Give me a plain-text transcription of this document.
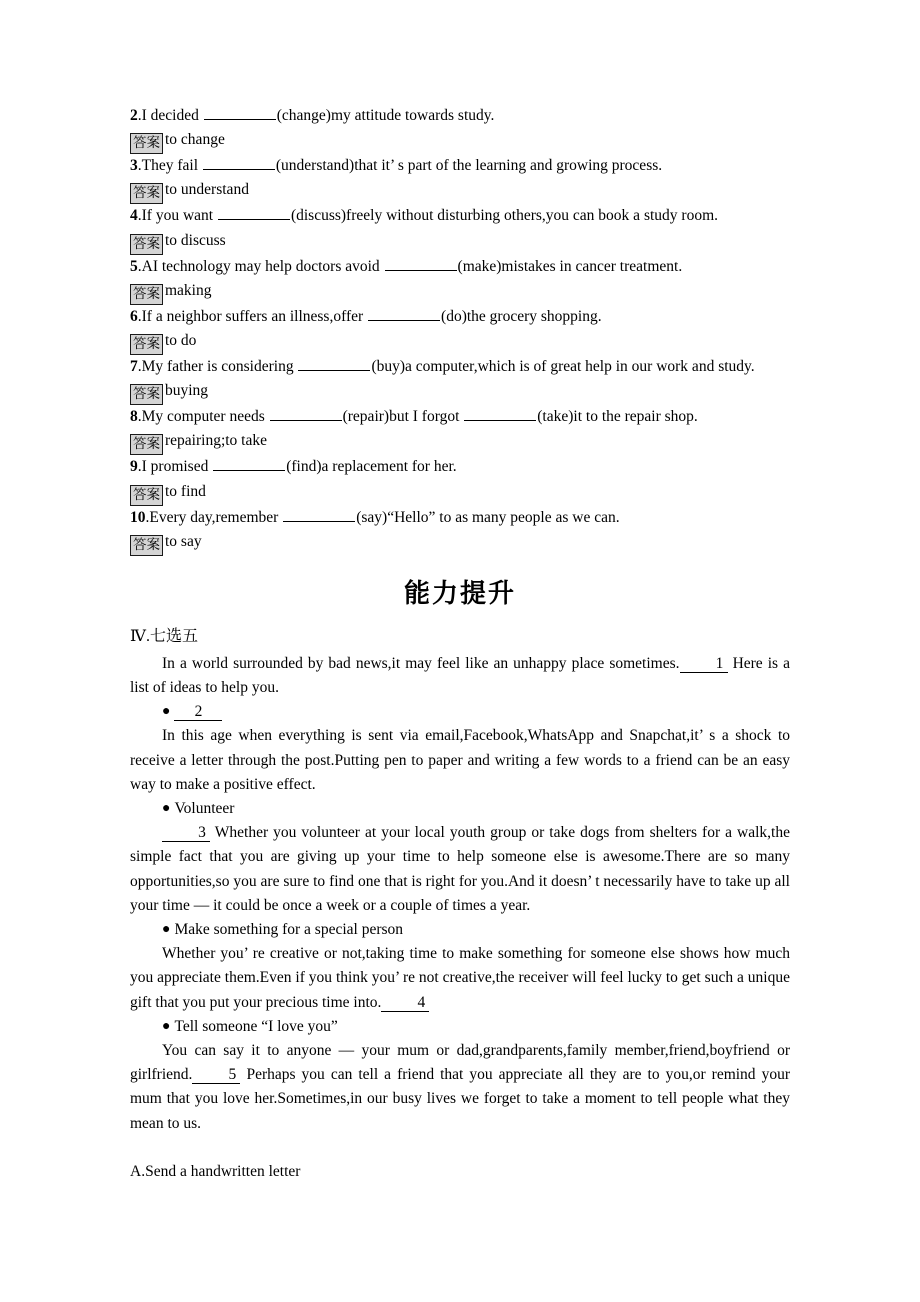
2.I decided	(change)my attitude towards study.

答案 to change

3.They fail	(understand)that it’ s part of the learning and growing process.

答案 to understand

4.If you want	(discuss)freely without disturbing others,you can book a study room.

答案 to discuss

5.AI technology may help doctors avoid	(make)mistakes in cancer treatment.

答案 making

6.If a neighbor suffers an illness,offer	(do)the grocery shopping.

答案 to do

7.My father is considering	(buy)a computer,which is of great help in our work and study.

答案 buying

8.My computer needs	(repair)but I forgot	(take)it to the repair shop.

答案 repairing;to take

9.I promised	(find)a replacement for her.

答案 to find

10.Every day,remember	(say)“Hello” to as many people as we can.

答案 to say

能力提升
Ⅳ.七选五

In a world surrounded by bad news,it may feel like an unhappy place sometimes. 1 Here is a list of ideas to help you.

● 2

In this age when everything is sent via email,Facebook,WhatsApp and Snapchat,it’ s a shock to receive a letter through the post.Putting pen to paper and writing a few words to a friend can be an easy way to make a positive effect.

● Volunteer

3 Whether you volunteer at your local youth group or take dogs from shelters for a walk,the simple fact that you are giving up your time to help someone else is awesome.There are so many opportunities,so you are sure to find one that is right for you.And it doesn’ t necessarily have to take up all your time — it could be once a week or a couple of times a year.

● Make something for a special person

Whether you’ re creative or not,taking time to make something for someone else shows how much you appreciate them.Even if you think you’ re not creative,the receiver will feel lucky to get such a unique gift that you put your precious time into. 4

● Tell someone “I love you”

You can say it to anyone — your mum or dad,grandparents,family member,friend,boyfriend or girlfriend. 5 Perhaps you can tell a friend that you appreciate all they are to you,or remind your mum that you love her.Sometimes,in our busy lives we forget to take a moment to tell people what they mean to us.

A.Send a handwritten letter
